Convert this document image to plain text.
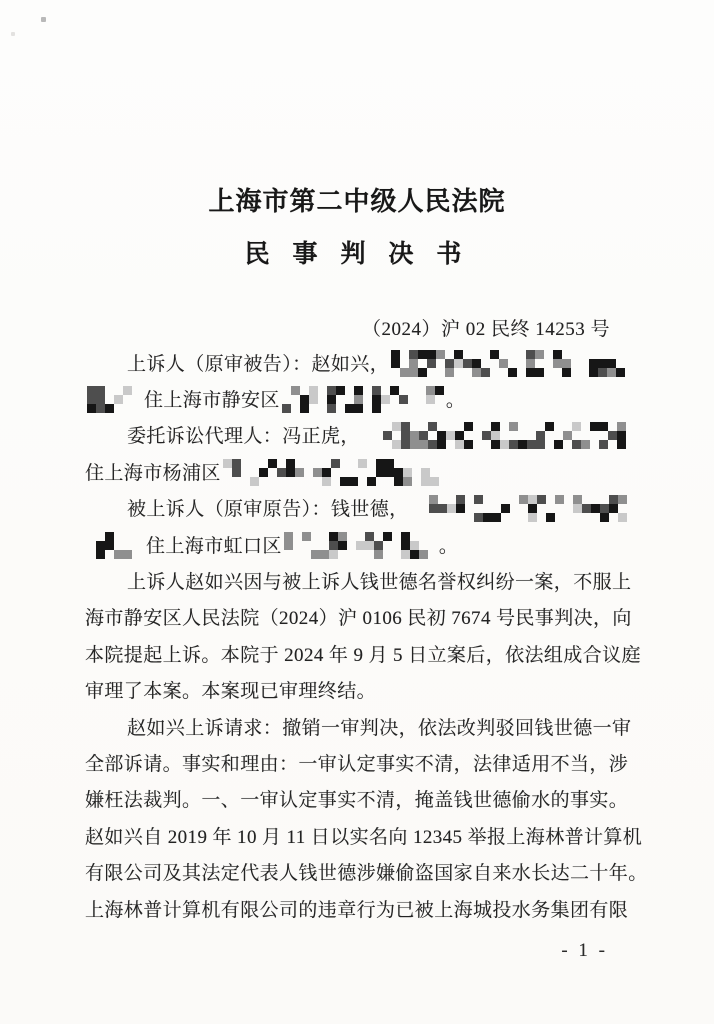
上海市第二中级人民法院
民 事 判 决 书
（2024）沪 02 民终 14253 号
上诉人（原审被告）：赵如兴，
住上海市静安区	。
委托诉讼代理人：冯正虎，
住上海市杨浦区
被上诉人（原审原告）：钱世德，
住上海市虹口区	。
上诉人赵如兴因与被上诉人钱世德名誉权纠纷一案，不服上
海市静安区人民法院（2024）沪 0106 民初 7674 号民事判决，向
本院提起上诉。本院于 2024 年 9 月 5 日立案后，依法组成合议庭
审理了本案。本案现已审理终结。
赵如兴上诉请求：撤销一审判决，依法改判驳回钱世德一审
全部诉请。事实和理由：一审认定事实不清，法律适用不当，涉
嫌枉法裁判。一、一审认定事实不清，掩盖钱世德偷水的事实。
赵如兴自 2019 年 10 月 11 日以实名向 12345 举报上海林普计算机
有限公司及其法定代表人钱世德涉嫌偷盗国家自来水长达二十年。
上海林普计算机有限公司的违章行为已被上海城投水务集团有限
- 1 -
